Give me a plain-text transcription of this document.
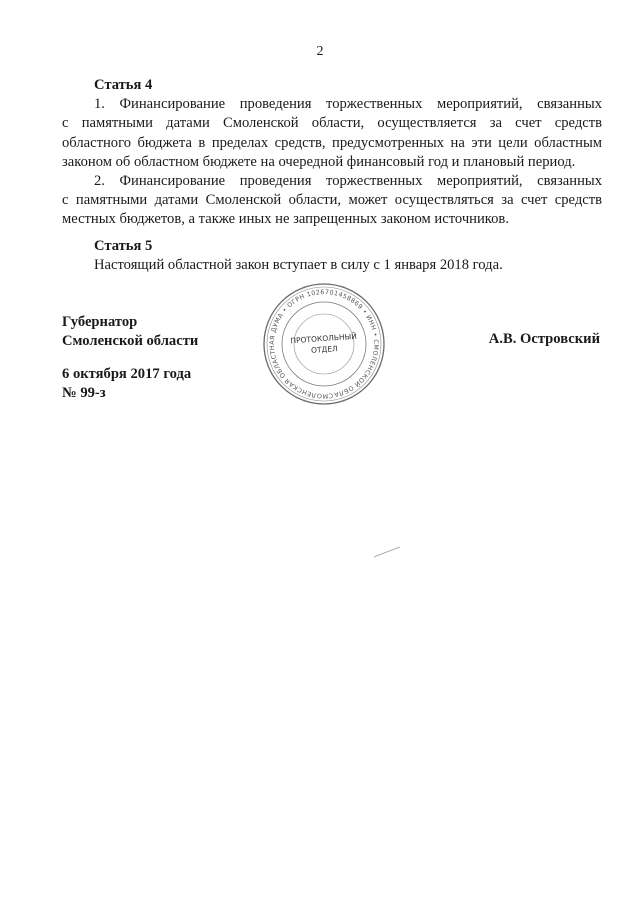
2
Статья 4
1. Финансирование проведения торжественных мероприятий, связанных
с памятными датами Смоленской области, осуществляется за счет средств
областного бюджета в пределах средств, предусмотренных на эти цели областным
законом об областном бюджете на очередной финансовый год и плановый период.
2. Финансирование проведения торжественных мероприятий, связанных
с памятными датами Смоленской области, может осуществляться за счет средств
местных бюджетов, а также иных не запрещенных законом источников.
Статья 5
Настоящий областной закон вступает в силу с 1 января 2018 года.
Губернатор
Смоленской области
6 октября 2017 года
№ 99-з
А.В. Островский
СМОЛЕНСКАЯ ОБЛАСТНАЯ ДУМА • ОГРН 1026701458869 • ИНН • СМОЛЕНСКОЙ ОБЛАСТИ
ПРОТОКОЛЬНЫЙ
ОТДЕЛ
